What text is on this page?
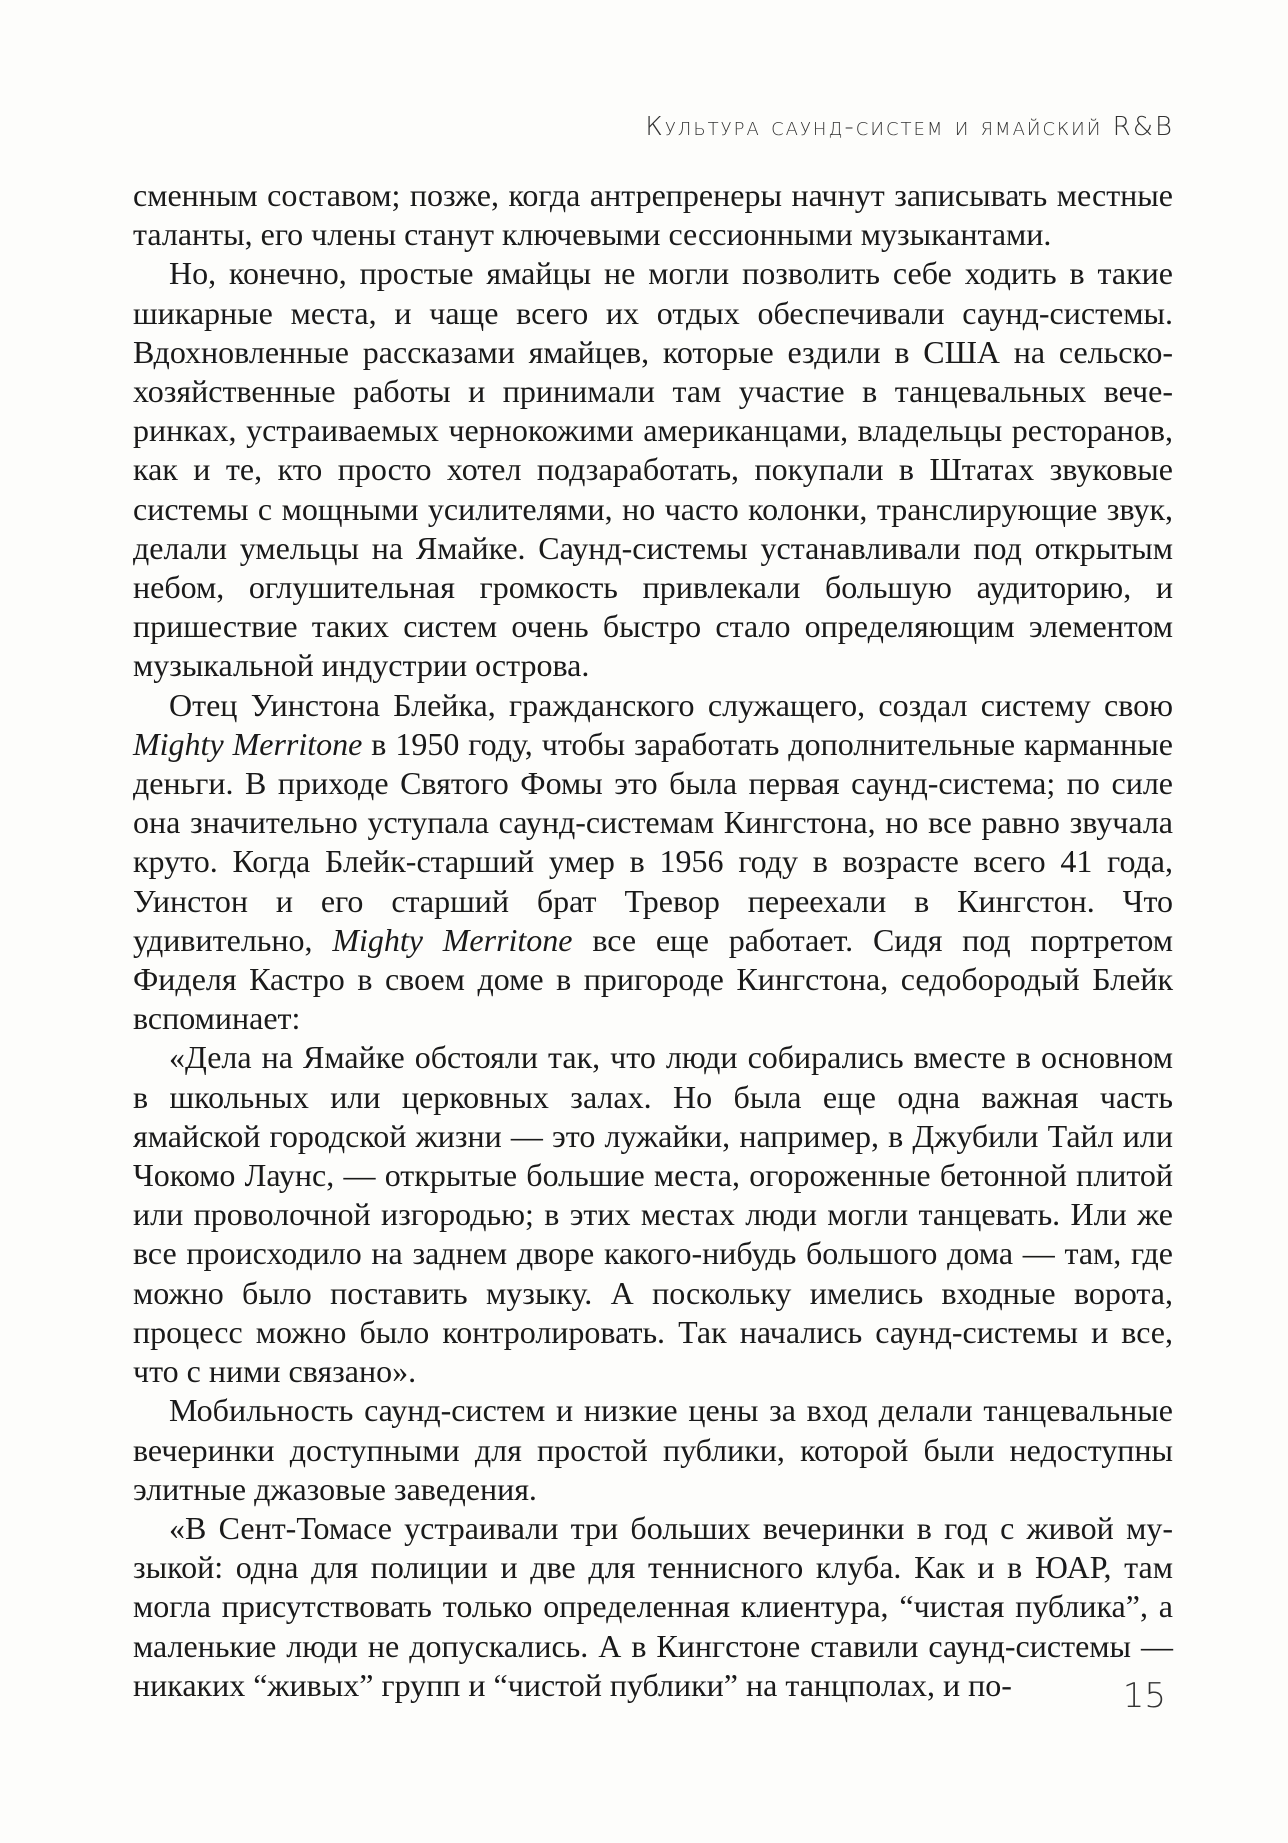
Культура саунд-систем и ямайский R&B

сменным составом; позже, когда антрепренеры начнут записывать местные таланты, его члены станут ключевыми сессионными музыкантами.

Но, конечно, простые ямайцы не могли позволить себе ходить в такие шикарные места, и чаще всего их отдых обеспечивали саунд-системы. Вдохновленные рассказами ямайцев, которые ездили в США на сельскохозяйственные работы и принимали там участие в танцевальных вечеринках, устраиваемых чернокожими американцами, владельцы ресторанов, как и те, кто просто хотел подзаработать, покупали в Штатах звуковые системы с мощными усилителями, но часто колонки, транслирующие звук, делали умельцы на Ямайке. Саунд-системы устанавливали под открытым небом, оглушительная громкость привлекали большую аудиторию, и пришествие таких систем очень быстро стало определяющим элементом музыкальной индустрии острова.

Отец Уинстона Блейка, гражданского служащего, создал систему свою Mighty Merritone в 1950 году, чтобы заработать дополнительные карманные деньги. В приходе Святого Фомы это была первая саунд-система; по силе она значительно уступала саунд-системам Кингстона, но все равно звучала круто. Когда Блейк-старший умер в 1956 году в возрасте всего 41 года, Уинстон и его старший брат Тревор переехали в Кингстон. Что удивительно, Mighty Merritone все еще работает. Сидя под портретом Фиделя Кастро в своем доме в пригороде Кингстона, седобородый Блейк вспоминает:

«Дела на Ямайке обстояли так, что люди собирались вместе в основном в школьных или церковных залах. Но была еще одна важная часть ямайской городской жизни — это лужайки, например, в Джубили Тайл или Чокомо Лаунс, — открытые большие места, огороженные бетонной плитой или проволочной изгородью; в этих местах люди могли танцевать. Или же все происходило на заднем дворе какого-нибудь большого дома — там, где можно было поставить музыку. А поскольку имелись входные ворота, процесс можно было контролировать. Так начались саунд-системы и все, что с ними связано».

Мобильность саунд-систем и низкие цены за вход делали танцевальные вечеринки доступными для простой публики, которой были недоступны элитные джазовые заведения.

«В Сент-Томасе устраивали три больших вечеринки в год с живой музыкой: одна для полиции и две для теннисного клуба. Как и в ЮАР, там могла присутствовать только определенная клиентура, “чистая публика”, а маленькие люди не допускались. А в Кингстоне ставили саунд-системы — никаких “живых” групп и “чистой публики” на танцполах, и по-	15
